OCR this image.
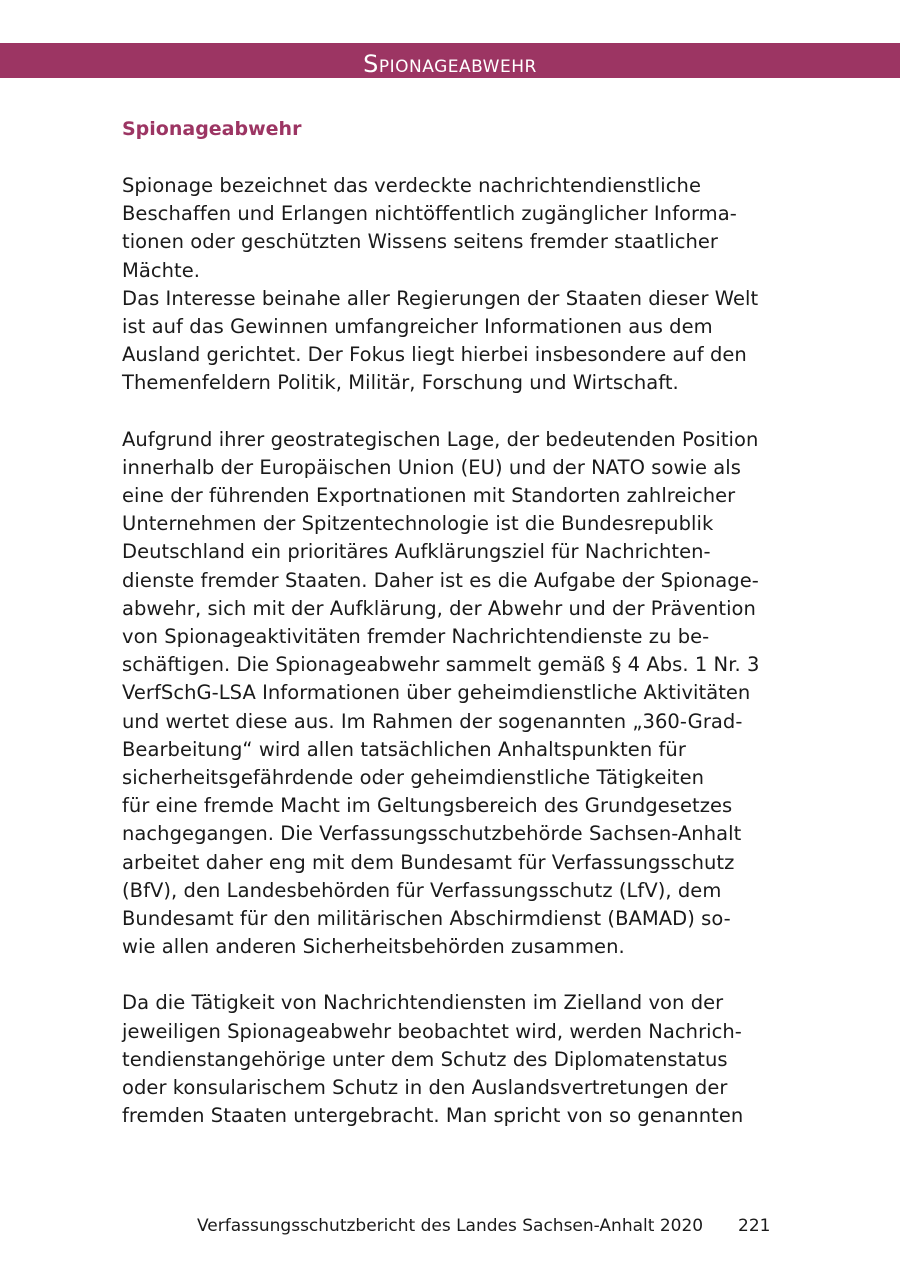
Spionageabwehr
Spionageabwehr

Spionage bezeichnet das verdeckte nachrichtendienstliche
Beschaffen und Erlangen nichtöffentlich zugänglicher Informa-
tionen oder geschützten Wissens seitens fremder staatlicher
Mächte.
Das Interesse beinahe aller Regierungen der Staaten dieser Welt
ist auf das Gewinnen umfangreicher Informationen aus dem
Ausland gerichtet. Der Fokus liegt hierbei insbesondere auf den
Themenfeldern Politik, Militär, Forschung und Wirtschaft.

Aufgrund ihrer geostrategischen Lage, der bedeutenden Position
innerhalb der Europäischen Union (EU) und der NATO sowie als
eine der führenden Exportnationen mit Standorten zahlreicher
Unternehmen der Spitzentechnologie ist die Bundesrepublik
Deutschland ein prioritäres Aufklärungsziel für Nachrichten-
dienste fremder Staaten. Daher ist es die Aufgabe der Spionage-
abwehr, sich mit der Aufklärung, der Abwehr und der Prävention
von Spionageaktivitäten fremder Nachrichtendienste zu be-
schäftigen. Die Spionageabwehr sammelt gemäß § 4 Abs. 1 Nr. 3
VerfSchG-LSA Informationen über geheimdienstliche Aktivitäten
und wertet diese aus. Im Rahmen der sogenannten „360-Grad-
Bearbeitung“ wird allen tatsächlichen Anhaltspunkten für
sicherheitsgefährdende oder geheimdienstliche Tätigkeiten
für eine fremde Macht im Geltungsbereich des Grundgesetzes
nachgegangen. Die Verfassungsschutzbehörde Sachsen-Anhalt
arbeitet daher eng mit dem Bundesamt für Verfassungsschutz
(BfV), den Landesbehörden für Verfassungsschutz (LfV), dem
Bundesamt für den militärischen Abschirmdienst (BAMAD) so-
wie allen anderen Sicherheitsbehörden zusammen.

Da die Tätigkeit von Nachrichtendiensten im Zielland von der
jeweiligen Spionageabwehr beobachtet wird, werden Nachrich-
tendienstangehörige unter dem Schutz des Diplomatenstatus
oder konsularischem Schutz in den Auslandsvertretungen der
fremden Staaten untergebracht. Man spricht von so genannten

Verfassungsschutzbericht des Landes Sachsen-Anhalt 2020 221
